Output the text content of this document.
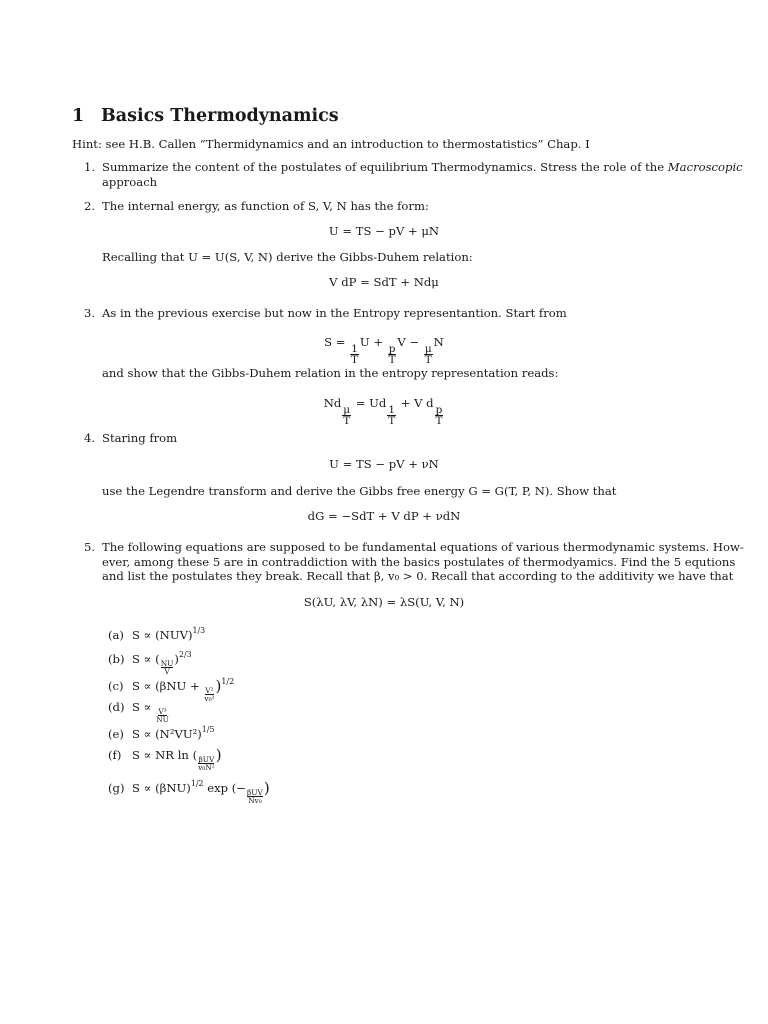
1 Basics Thermodynamics
Hint: see H.B. Callen “Thermidynamics and an introduction to thermostatistics” Chap. I
1. Summarize the content of the postulates of equilibrium Thermodynamics. Stress the role of the Macroscopic
approach
2. The internal energy, as function of S, V, N has the form:
U = TS − pV + μN
Recalling that U = U(S, V, N) derive the Gibbs-Duhem relation:
V dP = SdT + Ndμ
3. As in the previous exercise but now in the Entropy representantion. Start from
S =
$\frac{1}{T}$
U +
$\frac{p}{T}$
V −
$\frac{\mu}{T}$
N
and show that the Gibbs-Duhem relation in the entropy representation reads:
Nd
$\frac{\mu}{T}$
= Ud
$\frac{1}{T}$
+ V d
$\frac{p}{T}$
4. Staring from
U = TS − pV + νN
use the Legendre transform and derive the Gibbs free energy G = G(T, P, N). Show that
dG = −SdT + V dP + νdN
5. The following equations are supposed to be fundamental equations of various thermodynamic systems. How-
ever, among these 5 are in contraddiction with the basics postulates of thermodyamics. Find the 5 equtions
and list the postulates they break. Recall that β, v₀ > 0. Recall that according to the additivity we have that
S(λU, λV, λN) = λS(U, V, N)
(a) S ∝ (NUV)$^{1/3}$
(b) S ∝ (
$\frac{NU}{V}$
)$^{2/3}$
(c) S ∝ (βNU +
$\frac{\text{V²}}{\text{v₀²}} )^{1/2}$
(d) S ∝
$\frac{\text{V³}}{NU}$
(e) $S \propto (N^2VU^2)^{1/5}$
(f) S ∝ NR ln (
$\frac{\text{βUV}}{\text{v₀N²}}$ )
(g) $S \propto (\beta NU)^{1/2}$ exp (−
$\frac{\text{βUV}}{\text{Nv₀}}$ )
